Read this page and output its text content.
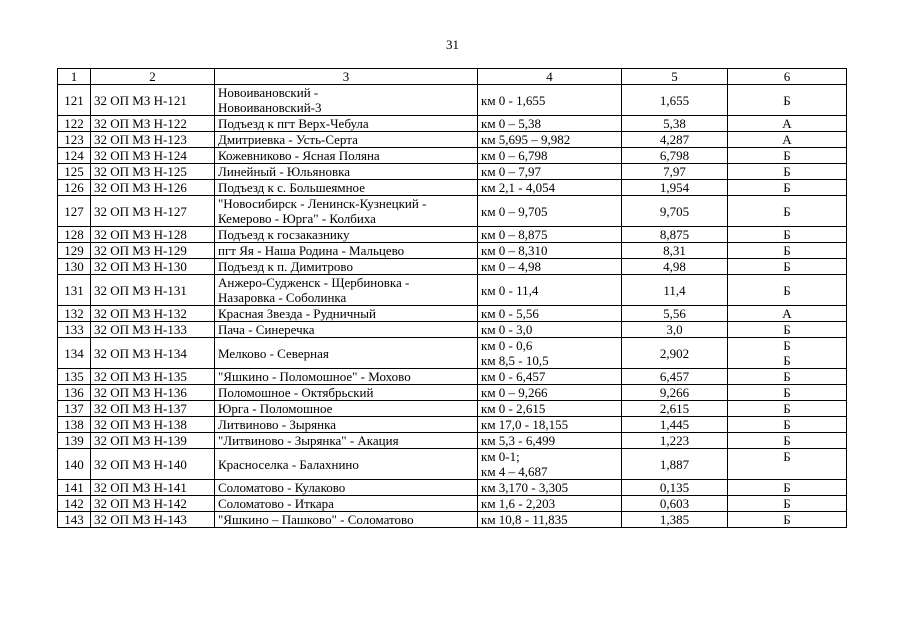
31
1	2	3	4	5	6
121	32 ОП МЗ Н-121	Новоивановский -
Новоивановский-3	км 0 - 1,655	1,655	Б

122	32 ОП МЗ Н-122	Подъезд к пгт Верх-Чебула	км 0 – 5,38	5,38	А

123	32 ОП МЗ Н-123	Дмитриевка - Усть-Серта	км 5,695 – 9,982	4,287	А

124	32 ОП МЗ Н-124	Кожевниково - Ясная Поляна	км 0 – 6,798	6,798	Б

125	32 ОП МЗ Н-125	Линейный - Юльяновка	км 0 – 7,97	7,97	Б

126	32 ОП МЗ Н-126	Подъезд к с. Большеямное	км 2,1 - 4,054	1,954	Б

127	32 ОП МЗ Н-127	"Новосибирск - Ленинск-Кузнецкий -
Кемерово - Юрга" - Колбиха	км 0 – 9,705	9,705	Б

128	32 ОП МЗ Н-128	Подъезд к госзаказнику	км 0 – 8,875	8,875	Б

129	32 ОП МЗ Н-129	пгт Яя - Наша Родина - Мальцево	км 0 – 8,310	8,31	Б

130	32 ОП МЗ Н-130	Подъезд к п. Димитрово	км 0 – 4,98	4,98	Б

131	32 ОП МЗ Н-131	Анжеро-Судженск - Щербиновка -
Назаровка - Соболинка	км 0 - 11,4	11,4	Б

132	32 ОП МЗ Н-132	Красная Звезда - Рудничный	км 0 - 5,56	5,56	А

133	32 ОП МЗ Н-133	Пача - Синеречка	км 0 - 3,0	3,0	Б

134	32 ОП МЗ Н-134	Мелково - Северная	км 0 - 0,6
км 8,5 - 10,5	2,902	Б
Б

135	32 ОП МЗ Н-135	"Яшкино - Поломошное" - Мохово	км 0 - 6,457	6,457	Б

136	32 ОП МЗ Н-136	Поломошное - Октябрьский	км 0 – 9,266	9,266	Б

137	32 ОП МЗ Н-137	Юрга - Поломошное	км 0 - 2,615	2,615	Б

138	32 ОП МЗ Н-138	Литвиново - Зырянка	км 17,0 - 18,155	1,445	Б

139	32 ОП МЗ Н-139	"Литвиново - Зырянка" - Акация	км 5,3 - 6,499	1,223	Б

140	32 ОП МЗ Н-140	Красноселка - Балахнино	км 0-1;
км 4 – 4,687	1,887	Б

141	32 ОП МЗ Н-141	Соломатово - Кулаково	км 3,170 - 3,305	0,135	Б

142	32 ОП МЗ Н-142	Соломатово - Иткара	км 1,6 - 2,203	0,603	Б

143	32 ОП МЗ Н-143	"Яшкино – Пашково" - Соломатово	км 10,8 - 11,835	1,385	Б
